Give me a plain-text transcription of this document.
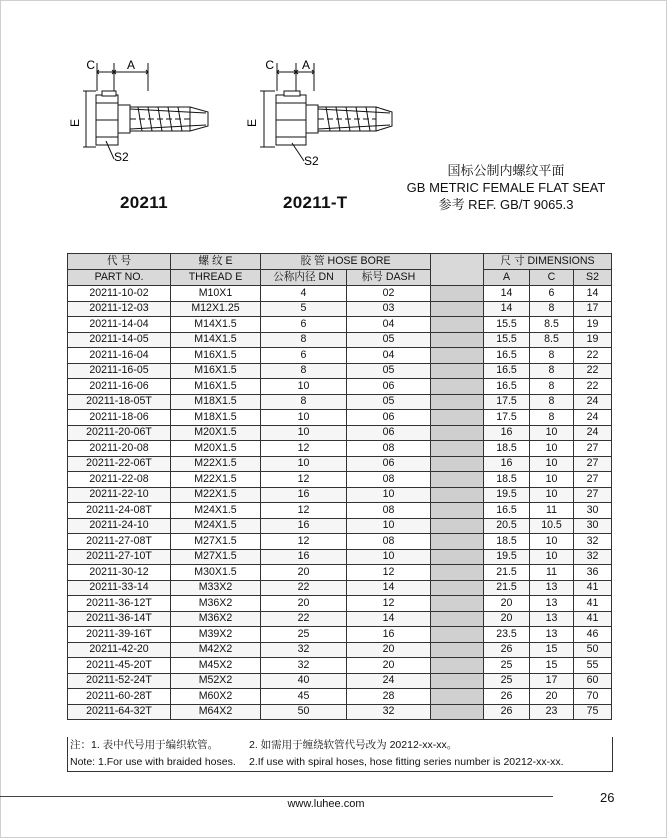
C	A
E
S2
20211
C A
E
S2
20211-T
国标公制内螺纹平面
GB METRIC FEMALE FLAT SEAT
参考 REF. GB/T 9065.3
代 号	螺 纹 E	胶 管 HOSE BORE			尺 寸 DIMENSIONS		
PART NO.	THREAD E	公称内径 DN	标号 DASH		A	C	S2
20211-10-02	M10X1	4	02		14	6	14
20211-12-03	M12X1.25	5	03		14	8	17
20211-14-04	M14X1.5	6	04		15.5	8.5	19
20211-14-05	M14X1.5	8	05		15.5	8.5	19
20211-16-04	M16X1.5	6	04		16.5	8	22
20211-16-05	M16X1.5	8	05		16.5	8	22
20211-16-06	M16X1.5	10	06		16.5	8	22
20211-18-05T	M18X1.5	8	05		17.5	8	24
20211-18-06	M18X1.5	10	06		17.5	8	24
20211-20-06T	M20X1.5	10	06		16	10	24
20211-20-08	M20X1.5	12	08		18.5	10	27
20211-22-06T	M22X1.5	10	06		16	10	27
20211-22-08	M22X1.5	12	08		18.5	10	27
20211-22-10	M22X1.5	16	10		19.5	10	27
20211-24-08T	M24X1.5	12	08		16.5	11	30
20211-24-10	M24X1.5	16	10		20.5	10.5	30
20211-27-08T	M27X1.5	12	08		18.5	10	32
20211-27-10T	M27X1.5	16	10		19.5	10	32
20211-30-12	M30X1.5	20	12		21.5	11	36
20211-33-14	M33X2	22	14		21.5	13	41
20211-36-12T	M36X2	20	12		20	13	41
20211-36-14T	M36X2	22	14		20	13	41
20211-39-16T	M39X2	25	16		23.5	13	46
20211-42-20	M42X2	32	20		26	15	50
20211-45-20T	M45X2	32	20		25	15	55
20211-52-24T	M52X2	40	24		25	17	60
20211-60-28T	M60X2	45	28		26	20	70
20211-64-32T	M64X2	50	32		26	23	75
注：1. 表中代号用于编织软管。	2. 如需用于缠绕软管代号改为 20212-xx-xx。
Note: 1.For use with braided hoses. 2.If use with spiral hoses, hose fitting series number is 20212-xx-xx.
www.luhee.com	26
